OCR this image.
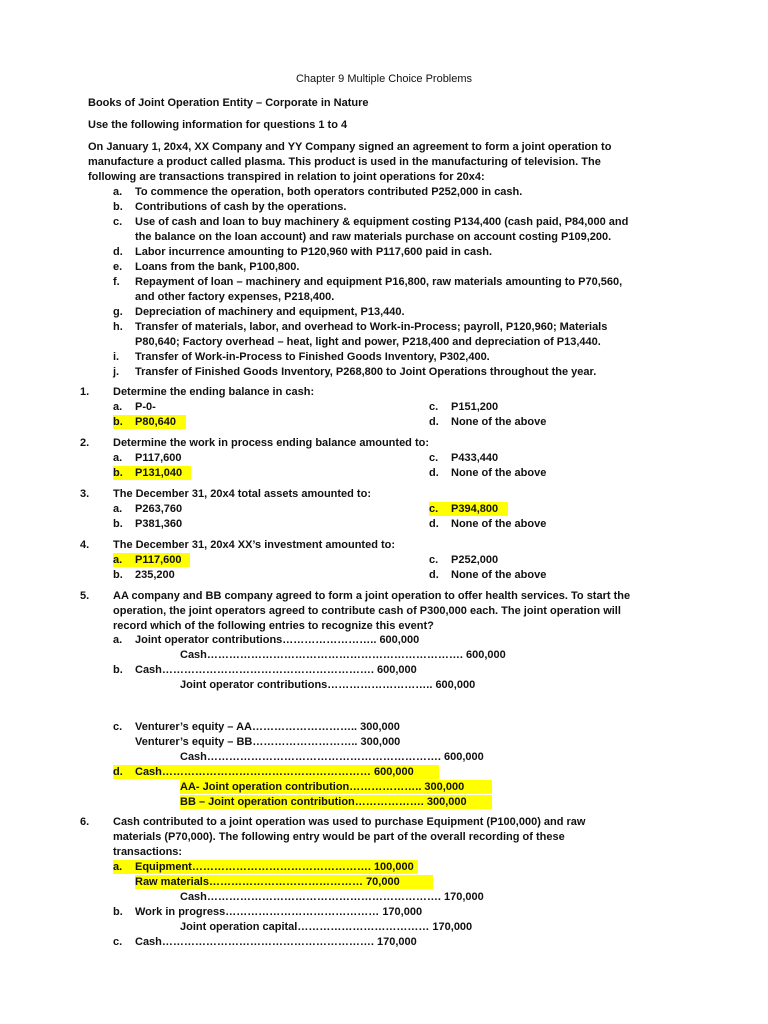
Chapter 9 Multiple Choice Problems
Books of Joint Operation Entity – Corporate in Nature
Use the following information for questions 1 to 4
On January 1, 20x4, XX Company and YY Company signed an agreement to form a joint operation to
manufacture a product called plasma. This product is used in the manufacturing of television. The
following are transactions transpired in relation to joint operations for 20x4:
a. To commence the operation, both operators contributed P252,000 in cash.
b. Contributions of cash by the operations.
c. Use of cash and loan to buy machinery & equipment costing P134,400 (cash paid, P84,000 and
the balance on the loan account) and raw materials purchase on account costing P109,200.
d. Labor incurrence amounting to P120,960 with P117,600 paid in cash.
e. Loans from the bank, P100,800.
f. Repayment of loan – machinery and equipment P16,800, raw materials amounting to P70,560,
and other factory expenses, P218,400.
g. Depreciation of machinery and equipment, P13,440.
h. Transfer of materials, labor, and overhead to Work-in-Process; payroll, P120,960; Materials
P80,640; Factory overhead – heat, light and power, P218,400 and depreciation of P13,440.
i. Transfer of Work-in-Process to Finished Goods Inventory, P302,400.
j. Transfer of Finished Goods Inventory, P268,800 to Joint Operations throughout the year.
1. Determine the ending balance in cash:
a. P-0-
b. P80,640
c. P151,200
d. None of the above
2. Determine the work in process ending balance amounted to:
a. P117,600
b. P131,040
c. P433,440
d. None of the above
3. The December 31, 20x4 total assets amounted to:
a. P263,760
b. P381,360
c. P394,800
d. None of the above
4. The December 31, 20x4 XX’s investment amounted to:
a. P117,600
b. 235,200
c. P252,000
d. None of the above
5. AA company and BB company agreed to form a joint operation to offer health services. To start the
operation, the joint operators agreed to contribute cash of P300,000 each. The joint operation will
record which of the following entries to recognize this event?
a. Joint operator contributions…………………….. 600,000
Cash……………………………………………………………. 600,000
b. Cash…………………………………………………. 600,000
Joint operator contributions……………………….. 600,000
c. Venturer’s equity – AA……………………….. 300,000
Venturer’s equity – BB……………………….. 300,000
Cash………………………………………………………. 600,000
d. Cash………………………………………………… 600,000
AA- Joint operation contribution……………….. 300,000
BB – Joint operation contribution………………. 300,000
6. Cash contributed to a joint operation was used to purchase Equipment (P100,000) and raw
materials (P70,000). The following entry would be part of the overall recording of these
transactions:
a. Equipment…………………………………………. 100,000
Raw materials…………………………………… 70,000
Cash………………………………………………………. 170,000
b. Work in progress…………………………………… 170,000
Joint operation capital……………………………… 170,000
c. Cash…………………………………………………. 170,000
